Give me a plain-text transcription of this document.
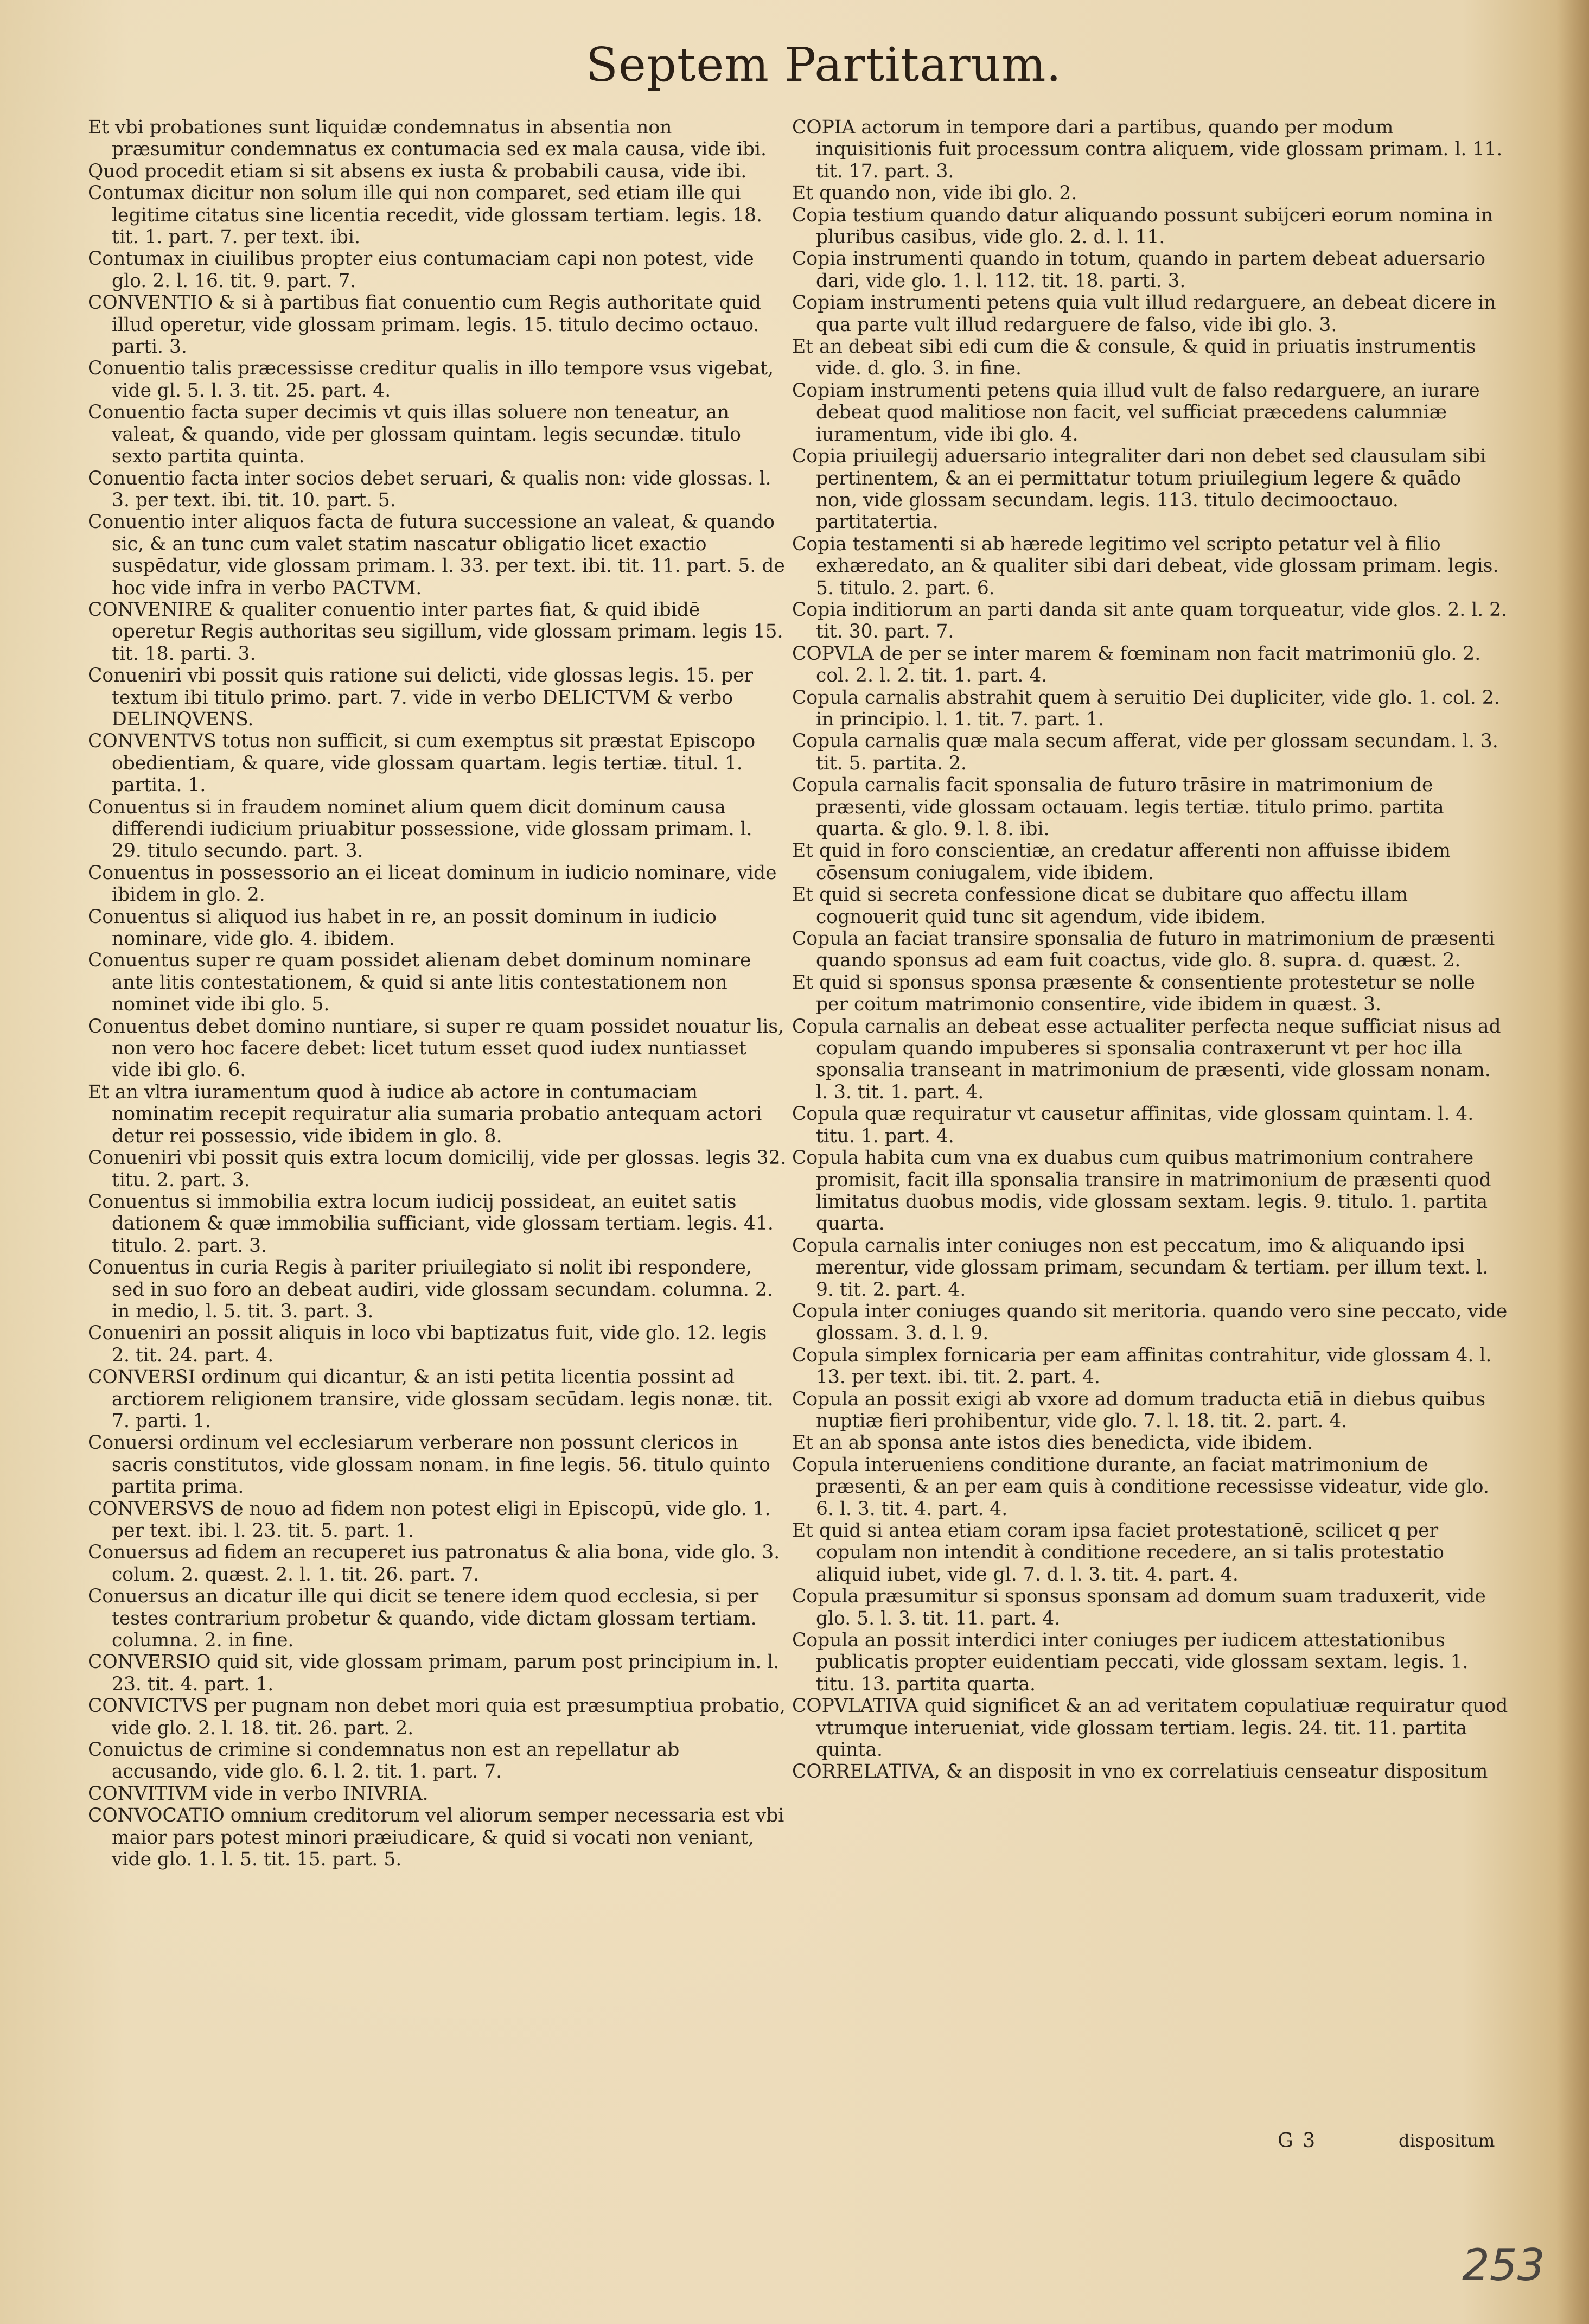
Septem Partitarum.

Et vbi probationes sunt liquidæ condemnatus in absentia non præsumitur condemnatus ex contumacia sed ex mala causa, vide ibi.

Quod procedit etiam si sit absens ex iusta & probabili causa, vide ibi.

Contumax dicitur non solum ille qui non comparet, sed etiam ille qui legitime citatus sine licentia recedit, vide glossam tertiam. legis. 18. tit. 1. part. 7. per text. ibi.

Contumax in ciuilibus propter eius contumaciam capi non potest, vide glo. 2. l. 16. tit. 9. part. 7.

CONVENTIO & si à partibus fiat conuentio cum Regis authoritate quid illud operetur, vide glossam primam. legis. 15. titulo decimo octauo. parti. 3.

Conuentio talis præcessisse creditur qualis in illo tempore vsus vigebat, vide gl. 5. l. 3. tit. 25. part. 4.

Conuentio facta super decimis vt quis illas soluere non teneatur, an valeat, & quando, vide per glossam quintam. legis secundæ. titulo sexto partita quinta.

Conuentio facta inter socios debet seruari, & qualis non: vide glossas. l. 3. per text. ibi. tit. 10. part. 5.

Conuentio inter aliquos facta de futura successione an valeat, & quando sic, & an tunc cum valet statim nascatur obligatio licet exactio suspēdatur, vide glossam primam. l. 33. per text. ibi. tit. 11. part. 5. de hoc vide infra in verbo PACTVM.

CONVENIRE & qualiter conuentio inter partes fiat, & quid ibidē operetur Regis authoritas seu sigillum, vide glossam primam. legis 15. tit. 18. parti. 3.

Conueniri vbi possit quis ratione sui delicti, vide glossas legis. 15. per textum ibi titulo primo. part. 7. vide in verbo DELICTVM & verbo DELINQVENS.

CONVENTVS totus non sufficit, si cum exemptus sit præstat Episcopo obedientiam, & quare, vide glossam quartam. legis tertiæ. titul. 1. partita. 1.

Conuentus si in fraudem nominet alium quem dicit dominum causa differendi iudicium priuabitur possessione, vide glossam primam. l. 29. titulo secundo. part. 3.

Conuentus in possessorio an ei liceat dominum in iudicio nominare, vide ibidem in glo. 2.

Conuentus si aliquod ius habet in re, an possit dominum in iudicio nominare, vide glo. 4. ibidem.

Conuentus super re quam possidet alienam debet dominum nominare ante litis contestationem, & quid si ante litis contestationem non nominet vide ibi glo. 5.

Conuentus debet domino nuntiare, si super re quam possidet nouatur lis, non vero hoc facere debet: licet tutum esset quod iudex nuntiasset vide ibi glo. 6.

Et an vltra iuramentum quod à iudice ab actore in contumaciam nominatim recepit requiratur alia sumaria probatio antequam actori detur rei possessio, vide ibidem in glo. 8.

Conueniri vbi possit quis extra locum domicilij, vide per glossas. legis 32. titu. 2. part. 3.

Conuentus si immobilia extra locum iudicij possideat, an euitet satis dationem & quæ immobilia sufficiant, vide glossam tertiam. legis. 41. titulo. 2. part. 3.

Conuentus in curia Regis à pariter priuilegiato si nolit ibi respondere, sed in suo foro an debeat audiri, vide glossam secundam. columna. 2. in medio, l. 5. tit. 3. part. 3.

Conueniri an possit aliquis in loco vbi baptizatus fuit, vide glo. 12. legis 2. tit. 24. part. 4.

CONVERSI ordinum qui dicantur, & an isti petita licentia possint ad arctiorem religionem transire, vide glossam secūdam. legis nonæ. tit. 7. parti. 1.

Conuersi ordinum vel ecclesiarum verberare non possunt clericos in sacris constitutos, vide glossam nonam. in fine legis. 56. titulo quinto partita prima.

CONVERSVS de nouo ad fidem non potest eligi in Episcopū, vide glo. 1. per text. ibi. l. 23. tit. 5. part. 1.

Conuersus ad fidem an recuperet ius patronatus & alia bona, vide glo. 3. colum. 2. quæst. 2. l. 1. tit. 26. part. 7.

Conuersus an dicatur ille qui dicit se tenere idem quod ecclesia, si per testes contrarium probetur & quando, vide dictam glossam tertiam. columna. 2. in fine.

CONVERSIO quid sit, vide glossam primam, parum post principium in. l. 23. tit. 4. part. 1.

CONVICTVS per pugnam non debet mori quia est præsumptiua probatio, vide glo. 2. l. 18. tit. 26. part. 2.

Conuictus de crimine si condemnatus non est an repellatur ab accusando, vide glo. 6. l. 2. tit. 1. part. 7.

CONVITIVM vide in verbo INIVRIA.

CONVOCATIO omnium creditorum vel aliorum semper necessaria est vbi maior pars potest minori præiudicare, & quid si vocati non veniant, vide glo. 1. l. 5. tit. 15. part. 5.

COPIA actorum in tempore dari a partibus, quando per modum inquisitionis fuit processum contra aliquem, vide glossam primam. l. 11. tit. 17. part. 3.

Et quando non, vide ibi glo. 2.

Copia testium quando datur aliquando possunt subijceri eorum nomina in pluribus casibus, vide glo. 2. d. l. 11.

Copia instrumenti quando in totum, quando in partem debeat aduersario dari, vide glo. 1. l. 112. tit. 18. parti. 3.

Copiam instrumenti petens quia vult illud redarguere, an debeat dicere in qua parte vult illud redarguere de falso, vide ibi glo. 3.

Et an debeat sibi edi cum die & consule, & quid in priuatis instrumentis vide. d. glo. 3. in fine.

Copiam instrumenti petens quia illud vult de falso redarguere, an iurare debeat quod malitiose non facit, vel sufficiat præcedens calumniæ iuramentum, vide ibi glo. 4.

Copia priuilegij aduersario integraliter dari non debet sed clausulam sibi pertinentem, & an ei permittatur totum priuilegium legere & quādo non, vide glossam secundam. legis. 113. titulo decimooctauo. partitatertia.

Copia testamenti si ab hærede legitimo vel scripto petatur vel à filio exhæredato, an & qualiter sibi dari debeat, vide glossam primam. legis. 5. titulo. 2. part. 6.

Copia inditiorum an parti danda sit ante quam torqueatur, vide glos. 2. l. 2. tit. 30. part. 7.

COPVLA de per se inter marem & fœminam non facit matrimoniū glo. 2. col. 2. l. 2. tit. 1. part. 4.

Copula carnalis abstrahit quem à seruitio Dei dupliciter, vide glo. 1. col. 2. in principio. l. 1. tit. 7. part. 1.

Copula carnalis quæ mala secum afferat, vide per glossam secundam. l. 3. tit. 5. partita. 2.

Copula carnalis facit sponsalia de futuro trāsire in matrimonium de præsenti, vide glossam octauam. legis tertiæ. titulo primo. partita quarta. & glo. 9. l. 8. ibi.

Et quid in foro conscientiæ, an credatur afferenti non affuisse ibidem cōsensum coniugalem, vide ibidem.

Et quid si secreta confessione dicat se dubitare quo affectu illam cognouerit quid tunc sit agendum, vide ibidem.

Copula an faciat transire sponsalia de futuro in matrimonium de præsenti quando sponsus ad eam fuit coactus, vide glo. 8. supra. d. quæst. 2.

Et quid si sponsus sponsa præsente & consentiente protestetur se nolle per coitum matrimonio consentire, vide ibidem in quæst. 3.

Copula carnalis an debeat esse actualiter perfecta neque sufficiat nisus ad copulam quando impuberes si sponsalia contraxerunt vt per hoc illa sponsalia transeant in matrimonium de præsenti, vide glossam nonam. l. 3. tit. 1. part. 4.

Copula quæ requiratur vt causetur affinitas, vide glossam quintam. l. 4. titu. 1. part. 4.

Copula habita cum vna ex duabus cum quibus matrimonium contrahere promisit, facit illa sponsalia transire in matrimonium de præsenti quod limitatus duobus modis, vide glossam sextam. legis. 9. titulo. 1. partita quarta.

Copula carnalis inter coniuges non est peccatum, imo & aliquando ipsi merentur, vide glossam primam, secundam & tertiam. per illum text. l. 9. tit. 2. part. 4.

Copula inter coniuges quando sit meritoria. quando vero sine peccato, vide glossam. 3. d. l. 9.

Copula simplex fornicaria per eam affinitas contrahitur, vide glossam 4. l. 13. per text. ibi. tit. 2. part. 4.

Copula an possit exigi ab vxore ad domum traducta etiā in diebus quibus nuptiæ fieri prohibentur, vide glo. 7. l. 18. tit. 2. part. 4.

Et an ab sponsa ante istos dies benedicta, vide ibidem.

Copula interueniens conditione durante, an faciat matrimonium de præsenti, & an per eam quis à conditione recessisse videatur, vide glo. 6. l. 3. tit. 4. part. 4.

Et quid si antea etiam coram ipsa faciet protestationē, scilicet q per copulam non intendit à conditione recedere, an si talis protestatio aliquid iubet, vide gl. 7. d. l. 3. tit. 4. part. 4.

Copula præsumitur si sponsus sponsam ad domum suam traduxerit, vide glo. 5. l. 3. tit. 11. part. 4.

Copula an possit interdici inter coniuges per iudicem attestationibus publicatis propter euidentiam peccati, vide glossam sextam. legis. 1. titu. 13. partita quarta.

COPVLATIVA quid significet & an ad veritatem copulatiuæ requiratur quod vtrumque interueniat, vide glossam tertiam. legis. 24. tit. 11. partita quinta.

CORRELATIVA, & an disposit in vno ex correlatiuis censeatur dispositum

G 3	dispositum
253
